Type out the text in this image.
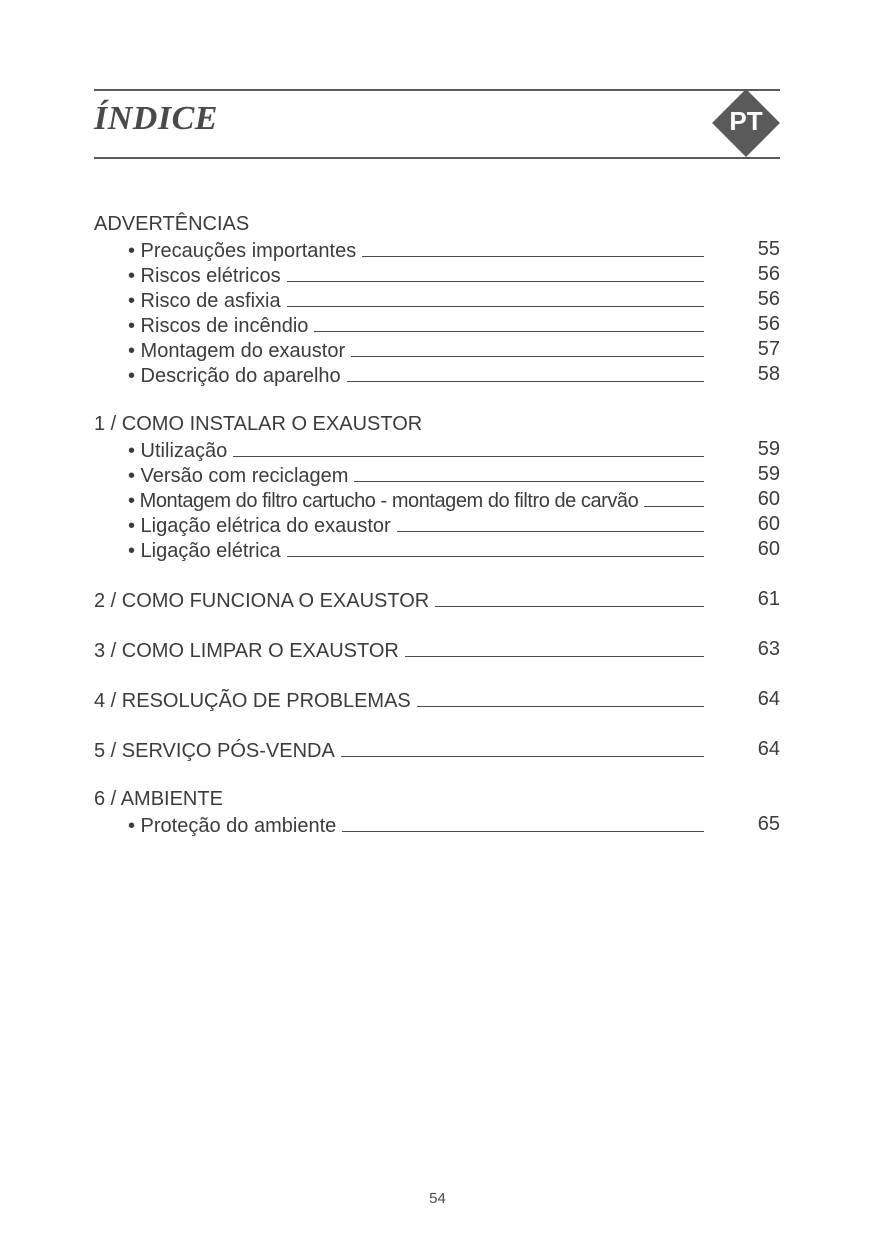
ÍNDICE	PT
ADVERTÊNCIAS
• Precauções importantes	55
• Riscos elétricos	56
• Risco de asfixia	56
• Riscos de incêndio	56
• Montagem do exaustor	57
• Descrição do aparelho	58
1 / COMO INSTALAR O EXAUSTOR
• Utilização	59
• Versão com reciclagem	59
• Montagem do filtro cartucho - montagem do filtro de carvão	60
• Ligação elétrica do exaustor	60
• Ligação elétrica	60
2 / COMO FUNCIONA O EXAUSTOR	61
3 / COMO LIMPAR O EXAUSTOR	63
4 / RESOLUÇÃO DE PROBLEMAS	64
5 / SERVIÇO PÓS-VENDA	64
6 / AMBIENTE
• Proteção do ambiente	65
54
